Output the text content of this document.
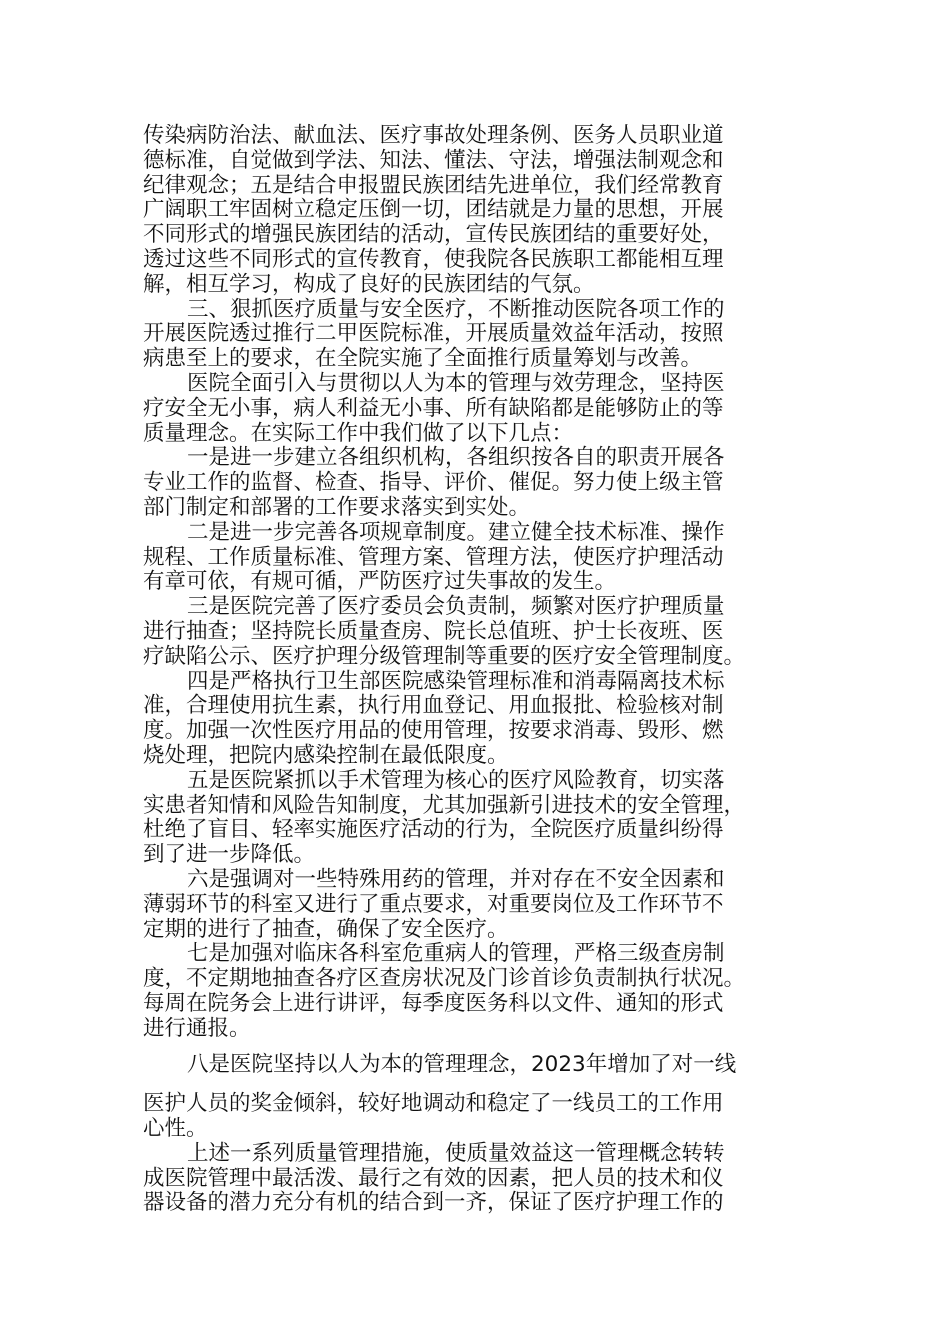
传染病防治法、献血法、医疗事故处理条例、医务人员职业道
德标准，自觉做到学法、知法、懂法、守法，增强法制观念和
纪律观念；五是结合申报盟民族团结先进单位，我们经常教育
广阔职工牢固树立稳定压倒一切，团结就是力量的思想，开展
不同形式的增强民族团结的活动，宣传民族团结的重要好处，
透过这些不同形式的宣传教育，使我院各民族职工都能相互理
解，相互学习，构成了良好的民族团结的气氛。
三、狠抓医疗质量与安全医疗，不断推动医院各项工作的
开展医院透过推行二甲医院标准，开展质量效益年活动，按照
病患至上的要求，在全院实施了全面推行质量筹划与改善。
医院全面引入与贯彻以人为本的管理与效劳理念，坚持医
疗安全无小事，病人利益无小事、所有缺陷都是能够防止的等
质量理念。在实际工作中我们做了以下几点：
一是进一步建立各组织机构，各组织按各自的职责开展各
专业工作的监督、检查、指导、评价、催促。努力使上级主管
部门制定和部署的工作要求落实到实处。
二是进一步完善各项规章制度。建立健全技术标准、操作
规程、工作质量标准、管理方案、管理方法，使医疗护理活动
有章可依，有规可循，严防医疗过失事故的发生。
三是医院完善了医疗委员会负责制，频繁对医疗护理质量
进行抽查；坚持院长质量查房、院长总值班、护士长夜班、医
疗缺陷公示、医疗护理分级管理制等重要的医疗安全管理制度。
四是严格执行卫生部医院感染管理标准和消毒隔离技术标
准，合理使用抗生素，执行用血登记、用血报批、检验核对制
度。加强一次性医疗用品的使用管理，按要求消毒、毁形、燃
烧处理，把院内感染控制在最低限度。
五是医院紧抓以手术管理为核心的医疗风险教育，切实落
实患者知情和风险告知制度，尤其加强新引进技术的安全管理，
杜绝了盲目、轻率实施医疗活动的行为，全院医疗质量纠纷得
到了进一步降低。
六是强调对一些特殊用药的管理，并对存在不安全因素和
薄弱环节的科室又进行了重点要求，对重要岗位及工作环节不
定期的进行了抽查，确保了安全医疗。
七是加强对临床各科室危重病人的管理，严格三级查房制
度，不定期地抽查各疗区查房状况及门诊首诊负责制执行状况。
每周在院务会上进行讲评，每季度医务科以文件、通知的形式
进行通报。
八是医院坚持以人为本的管理理念，2023年增加了对一线
医护人员的奖金倾斜，较好地调动和稳定了一线员工的工作用
心性。
上述一系列质量管理措施，使质量效益这一管理概念转转
成医院管理中最活泼、最行之有效的因素，把人员的技术和仪
器设备的潜力充分有机的结合到一齐，保证了医疗护理工作的
